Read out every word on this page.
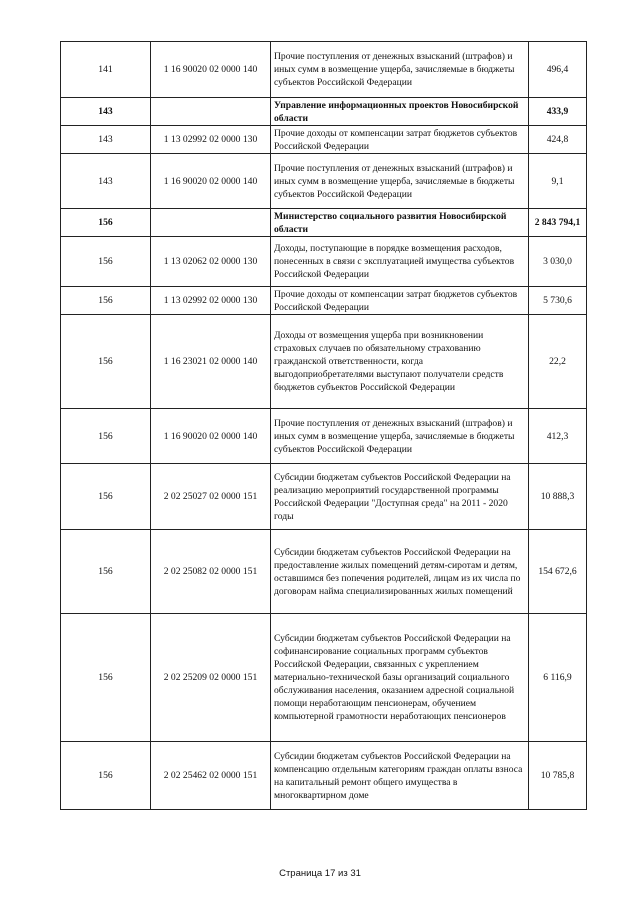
141	1 16 90020 02 0000 140	Прочие поступления от денежных взысканий (штрафов) и иных сумм в возмещение ущерба, зачисляемые в бюджеты субъектов Российской Федерации	496,4
143		Управление информационных проектов Новосибирской области	433,9
143	1 13 02992 02 0000 130	Прочие доходы от компенсации затрат бюджетов субъектов Российской Федерации	424,8
143	1 16 90020 02 0000 140	Прочие поступления от денежных взысканий (штрафов) и иных сумм в возмещение ущерба, зачисляемые в бюджеты субъектов Российской Федерации	9,1
156		Министерство социального развития Новосибирской области	2 843 794,1
156	1 13 02062 02 0000 130	Доходы, поступающие в порядке возмещения расходов, понесенных в связи с эксплуатацией имущества субъектов Российской Федерации	3 030,0
156	1 13 02992 02 0000 130	Прочие доходы от компенсации затрат бюджетов субъектов Российской Федерации	5 730,6
156	1 16 23021 02 0000 140	Доходы от возмещения ущерба при возникновении страховых случаев по обязательному страхованию гражданской ответственности, когда выгодоприобретателями выступают получатели средств бюджетов субъектов Российской Федерации	22,2
156	1 16 90020 02 0000 140	Прочие поступления от денежных взысканий (штрафов) и иных сумм в возмещение ущерба, зачисляемые в бюджеты субъектов Российской Федерации	412,3
156	2 02 25027 02 0000 151	Субсидии бюджетам субъектов Российской Федерации на реализацию мероприятий государственной программы Российской Федерации "Доступная среда" на 2011 - 2020 годы	10 888,3
156	2 02 25082 02 0000 151	Субсидии бюджетам субъектов Российской Федерации на предоставление жилых помещений детям-сиротам и детям, оставшимся без попечения родителей, лицам из их числа по договорам найма специализированных жилых помещений	154 672,6
156	2 02 25209 02 0000 151	Субсидии бюджетам субъектов Российской Федерации на софинансирование социальных программ субъектов Российской Федерации, связанных с укреплением материально-технической базы организаций социального обслуживания населения, оказанием адресной социальной помощи неработающим пенсионерам, обучением компьютерной грамотности неработающих пенсионеров	6 116,9
156	2 02 25462 02 0000 151	Субсидии бюджетам субъектов Российской Федерации на компенсацию отдельным категориям граждан оплаты взноса на капитальный ремонт общего имущества в многоквартирном доме	10 785,8
Страница 17 из 31
